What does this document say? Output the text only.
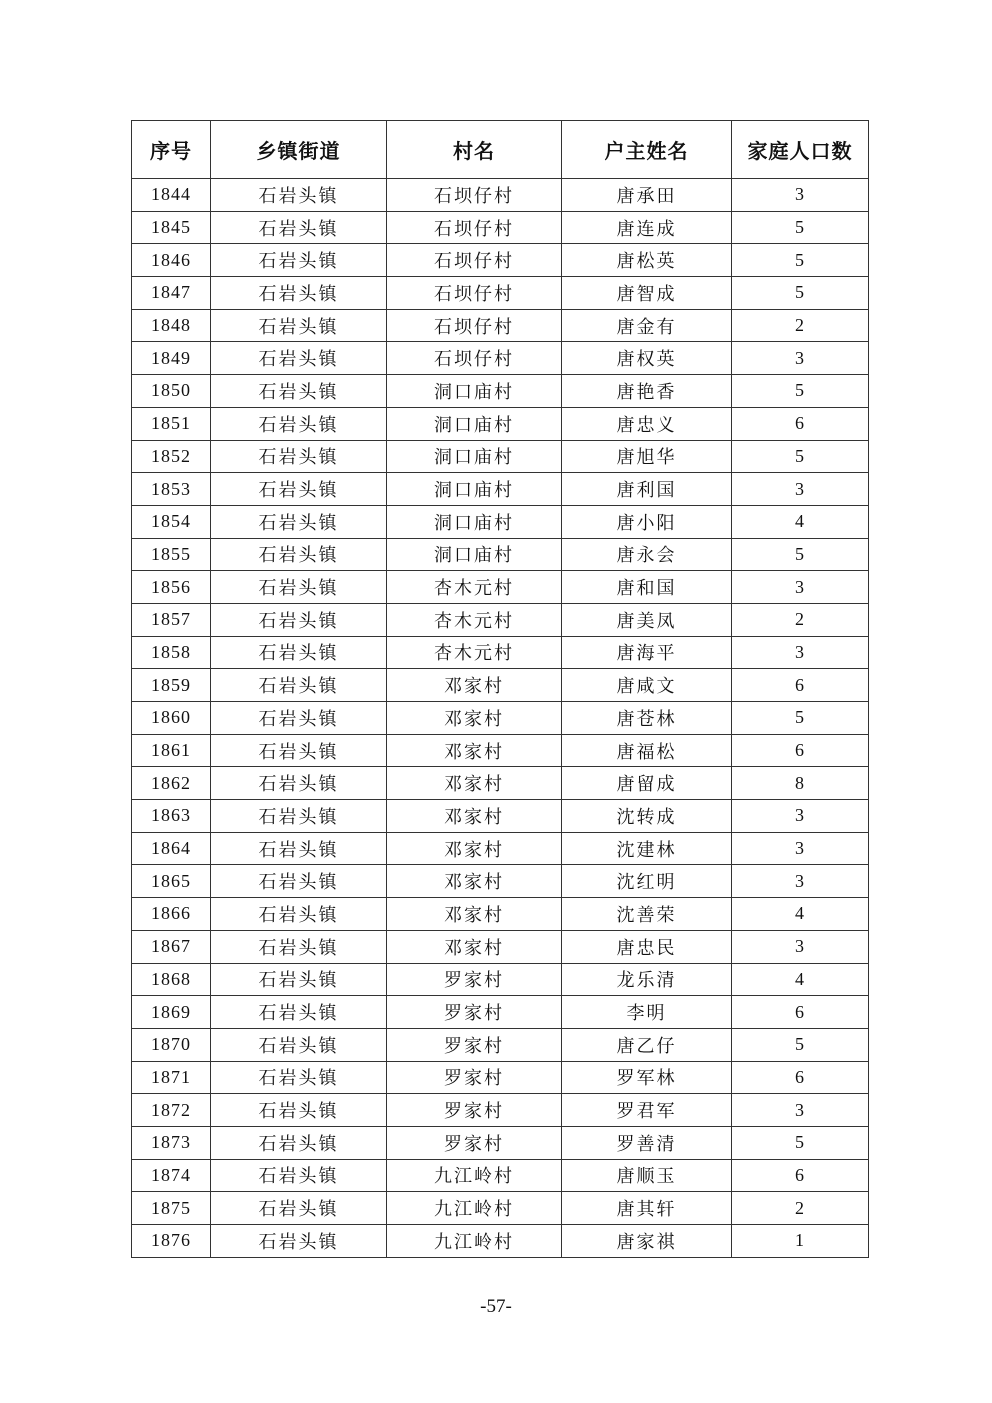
序号	乡镇街道	村名	户主姓名	家庭人口数
1844	石岩头镇	石坝仔村	唐承田	3
1845	石岩头镇	石坝仔村	唐连成	5
1846	石岩头镇	石坝仔村	唐松英	5
1847	石岩头镇	石坝仔村	唐智成	5
1848	石岩头镇	石坝仔村	唐金有	2
1849	石岩头镇	石坝仔村	唐权英	3
1850	石岩头镇	洞口庙村	唐艳香	5
1851	石岩头镇	洞口庙村	唐忠义	6
1852	石岩头镇	洞口庙村	唐旭华	5
1853	石岩头镇	洞口庙村	唐利国	3
1854	石岩头镇	洞口庙村	唐小阳	4
1855	石岩头镇	洞口庙村	唐永会	5
1856	石岩头镇	杏木元村	唐和国	3
1857	石岩头镇	杏木元村	唐美凤	2
1858	石岩头镇	杏木元村	唐海平	3
1859	石岩头镇	邓家村	唐咸文	6
1860	石岩头镇	邓家村	唐苍林	5
1861	石岩头镇	邓家村	唐福松	6
1862	石岩头镇	邓家村	唐留成	8
1863	石岩头镇	邓家村	沈转成	3
1864	石岩头镇	邓家村	沈建林	3
1865	石岩头镇	邓家村	沈红明	3
1866	石岩头镇	邓家村	沈善荣	4
1867	石岩头镇	邓家村	唐忠民	3
1868	石岩头镇	罗家村	龙乐清	4
1869	石岩头镇	罗家村	李明	6
1870	石岩头镇	罗家村	唐乙仔	5
1871	石岩头镇	罗家村	罗军林	6
1872	石岩头镇	罗家村	罗君军	3
1873	石岩头镇	罗家村	罗善清	5
1874	石岩头镇	九江岭村	唐顺玉	6
1875	石岩头镇	九江岭村	唐其轩	2
1876	石岩头镇	九江岭村	唐家祺	1
-57-
